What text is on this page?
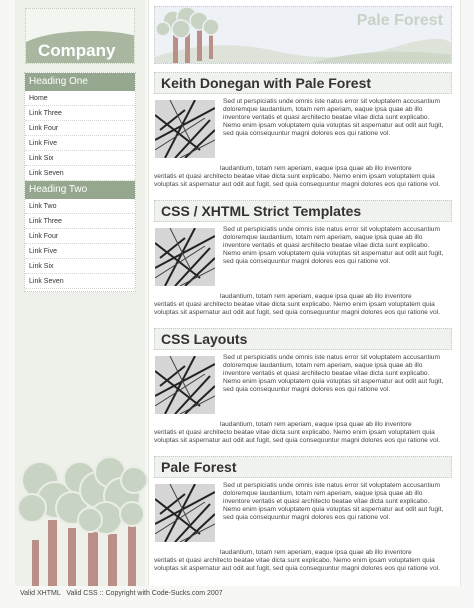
Company
Heading One
Home
Link Three
Link Four
Link Five
Link Six
Link Seven
Heading Two
Link Two
Link Three
Link Four
Link Five
Link Six
Link Seven
Pale Forest
Keith Donegan with Pale Forest
Sed ut perspiciatis unde omnis iste natus error sit voluptatem accusantium doloremque laudantium, totam rem aperiam, eaque ipsa quae ab illo inventore veritatis et quasi architecto beatae vitae dicta sunt explicabo. Nemo enim ipsam voluptatem quia voluptas sit aspernatur aut odit aut fugit, sed quia consequuntur magni dolores eos qui ratione vol.
laudantium, totam rem aperiam, eaque ipsa quae ab illo inventore
veritatis et quasi architecto beatae vitae dicta sunt explicabo. Nemo enim ipsam voluptatem quia voluptas sit aspernatur aut odit aut fugit, sed quia consequuntur magni dolores eos qui ratione vol.
CSS / XHTML Strict Templates
Sed ut perspiciatis unde omnis iste natus error sit voluptatem accusantium doloremque laudantium, totam rem aperiam, eaque ipsa quae ab illo inventore veritatis et quasi architecto beatae vitae dicta sunt explicabo. Nemo enim ipsam voluptatem quia voluptas sit aspernatur aut odit aut fugit, sed quia consequuntur magni dolores eos qui ratione vol.
laudantium, totam rem aperiam, eaque ipsa quae ab illo inventore
veritatis et quasi architecto beatae vitae dicta sunt explicabo. Nemo enim ipsam voluptatem quia voluptas sit aspernatur aut odit aut fugit, sed quia consequuntur magni dolores eos qui ratione vol.
CSS Layouts
Sed ut perspiciatis unde omnis iste natus error sit voluptatem accusantium doloremque laudantium, totam rem aperiam, eaque ipsa quae ab illo inventore veritatis et quasi architecto beatae vitae dicta sunt explicabo. Nemo enim ipsam voluptatem quia voluptas sit aspernatur aut odit aut fugit, sed quia consequuntur magni dolores eos qui ratione vol.
laudantium, totam rem aperiam, eaque ipsa quae ab illo inventore
veritatis et quasi architecto beatae vitae dicta sunt explicabo. Nemo enim ipsam voluptatem quia voluptas sit aspernatur aut odit aut fugit, sed quia consequuntur magni dolores eos qui ratione vol.
Pale Forest
Sed ut perspiciatis unde omnis iste natus error sit voluptatem accusantium doloremque laudantium, totam rem aperiam, eaque ipsa quae ab illo inventore veritatis et quasi architecto beatae vitae dicta sunt explicabo. Nemo enim ipsam voluptatem quia voluptas sit aspernatur aut odit aut fugit, sed quia consequuntur magni dolores eos qui ratione vol.
laudantium, totam rem aperiam, eaque ipsa quae ab illo inventore
veritatis et quasi architecto beatae vitae dicta sunt explicabo. Nemo enim ipsam voluptatem quia voluptas sit aspernatur aut odit aut fugit, sed quia consequuntur magni dolores eos qui ratione vol.
Valid XHTML Valid CSS :: Copyright with Code-Sucks.com 2007
